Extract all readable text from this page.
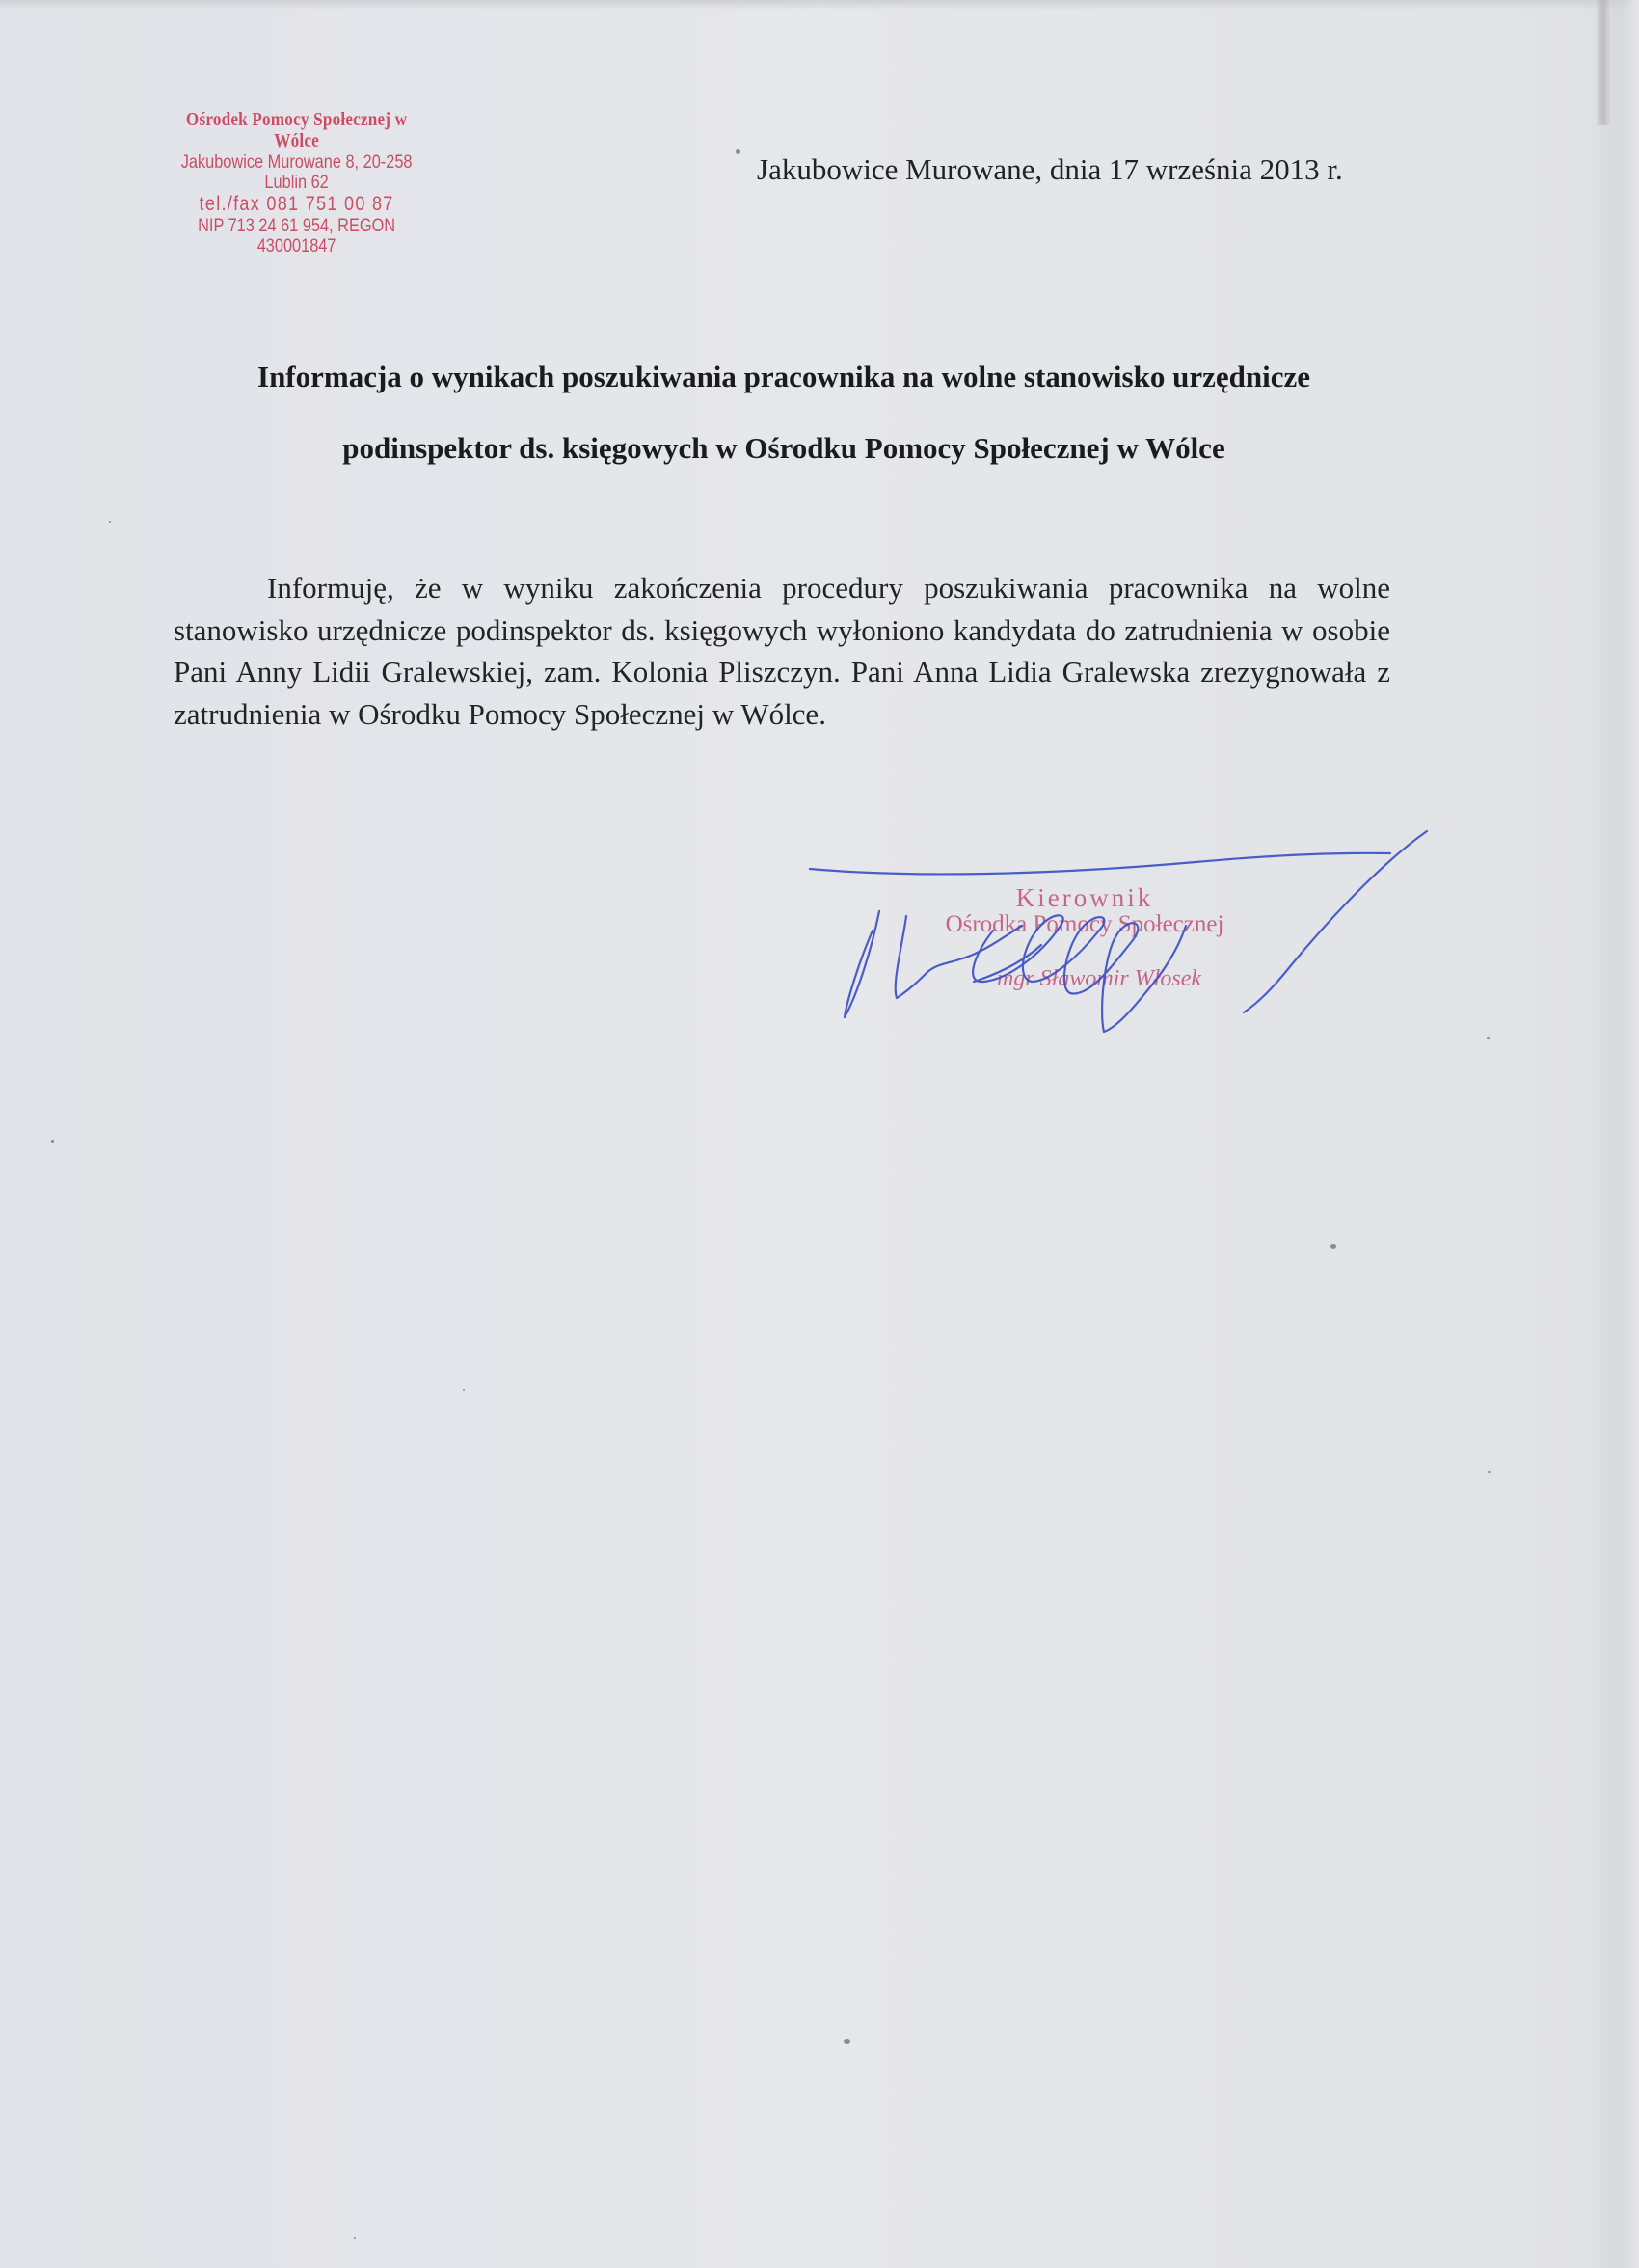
Ośrodek Pomocy Społecznej w Wólce
Jakubowice Murowane 8, 20-258 Lublin 62
tel./fax 081 751 00 87
NIP 713 24 61 954, REGON 430001847
Jakubowice Murowane, dnia 17 września 2013 r.
Informacja o wynikach poszukiwania pracownika na wolne stanowisko urzędnicze
podinspektor ds. księgowych w Ośrodku Pomocy Społecznej w Wólce

Informuję, że w wyniku zakończenia procedury poszukiwania pracownika na wolne stanowisko urzędnicze podinspektor ds. księgowych wyłoniono kandydata do zatrudnienia w osobie Pani Anny Lidii Gralewskiej, zam. Kolonia Pliszczyn. Pani Anna Lidia Gralewska zrezygnowała z zatrudnienia w Ośrodku Pomocy Społecznej w Wólce.

Kierownik
Ośrodka Pomocy Społecznej
mgr Sławomir Włosek
